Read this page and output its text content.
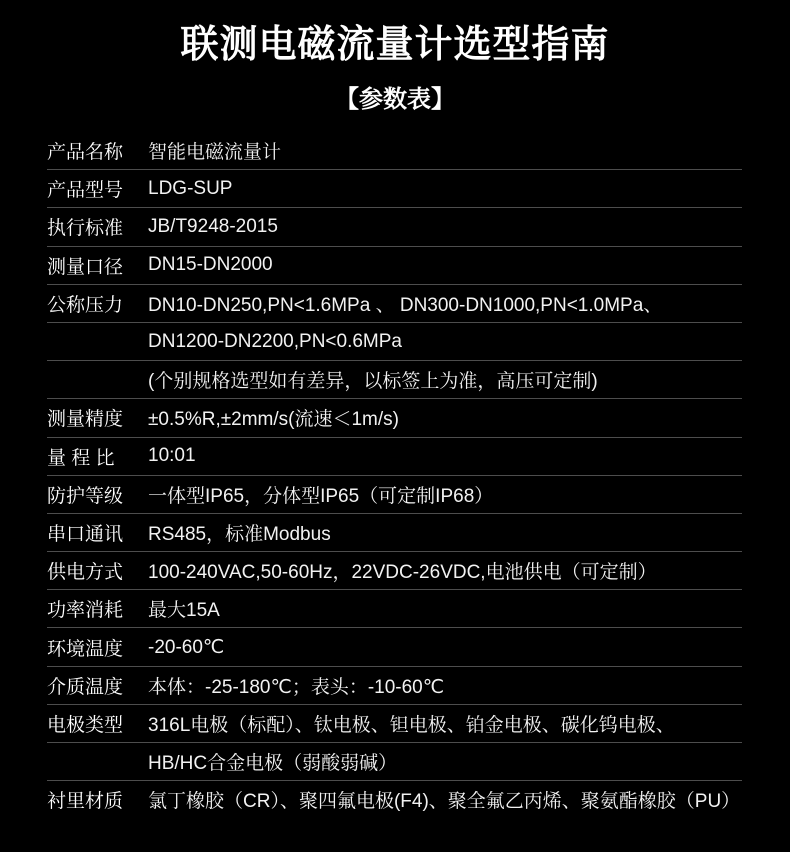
联测电磁流量计选型指南
【参数表】
产品名称	智能电磁流量计
产品型号	LDG-SUP
执行标准	JB/T9248-2015
测量口径	DN15-DN2000
公称压力	DN10-DN250,PN<1.6MPa 、 DN300-DN1000,PN<1.0MPa、
DN1200-DN2200,PN<0.6MPa
(个别规格选型如有差异，以标签上为准，高压可定制)
测量精度	±0.5%R,±2mm/s(流速＜1m/s)
量 程 比	10:01
防护等级	一体型IP65，分体型IP65（可定制IP68）
串口通讯	RS485，标准Modbus
供电方式	100-240VAC,50-60Hz，22VDC-26VDC,电池供电（可定制）
功率消耗	最大15A
环境温度	-20-60℃
介质温度	本体：-25-180℃；表头：-10-60℃
电极类型	316L电极（标配）、钛电极、钽电极、铂金电极、碳化钨电极、
HB/HC合金电极（弱酸弱碱）
衬里材质	氯丁橡胶（CR）、聚四氟电极(F4)、聚全氟乙丙烯、聚氨酯橡胶（PU）
